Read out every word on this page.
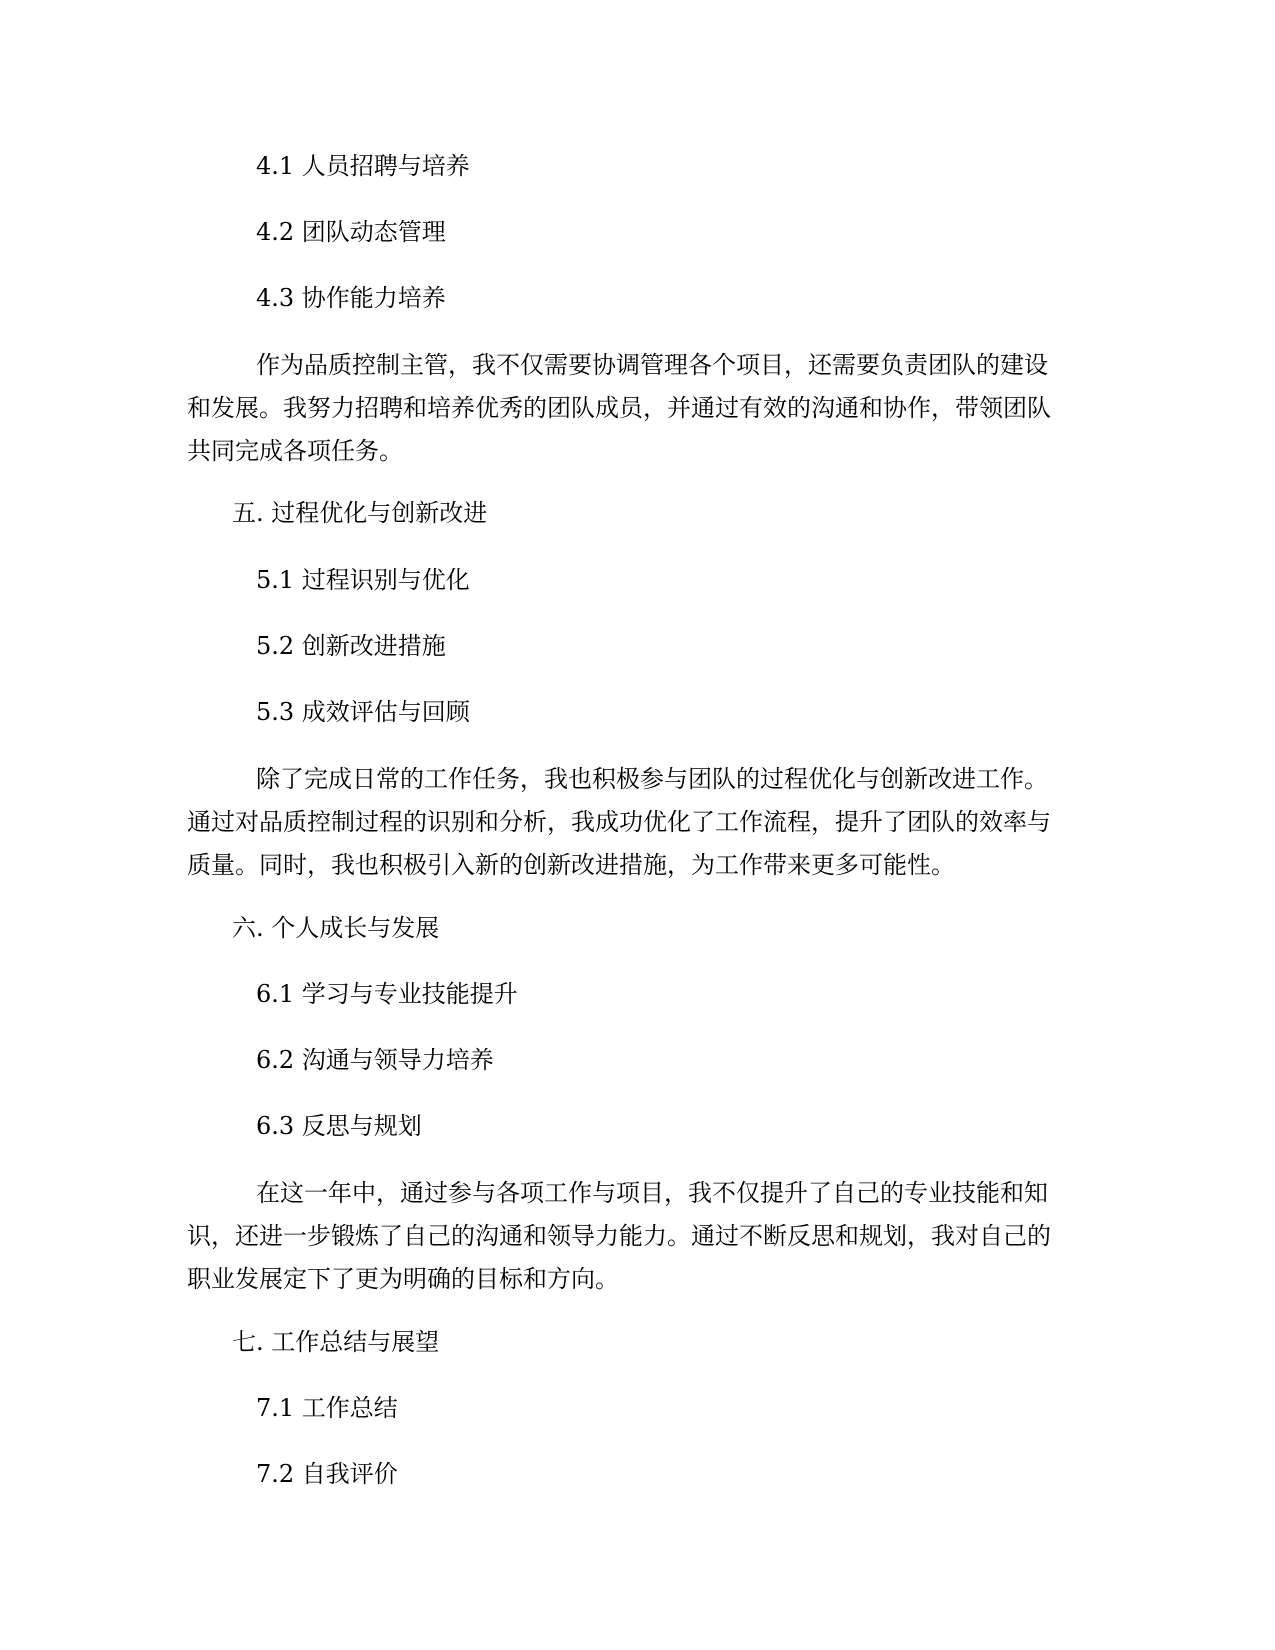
4.1 人员招聘与培养
4.2 团队动态管理
4.3 协作能力培养
作为品质控制主管，我不仅需要协调管理各个项目，还需要负责团队的建设
和发展。我努力招聘和培养优秀的团队成员，并通过有效的沟通和协作，带领团队
共同完成各项任务。
五. 过程优化与创新改进
5.1 过程识别与优化
5.2 创新改进措施
5.3 成效评估与回顾
除了完成日常的工作任务，我也积极参与团队的过程优化与创新改进工作。
通过对品质控制过程的识别和分析，我成功优化了工作流程，提升了团队的效率与
质量。同时，我也积极引入新的创新改进措施，为工作带来更多可能性。
六. 个人成长与发展
6.1 学习与专业技能提升
6.2 沟通与领导力培养
6.3 反思与规划
在这一年中，通过参与各项工作与项目，我不仅提升了自己的专业技能和知
识，还进一步锻炼了自己的沟通和领导力能力。通过不断反思和规划，我对自己的
职业发展定下了更为明确的目标和方向。
七. 工作总结与展望
7.1 工作总结
7.2 自我评价
